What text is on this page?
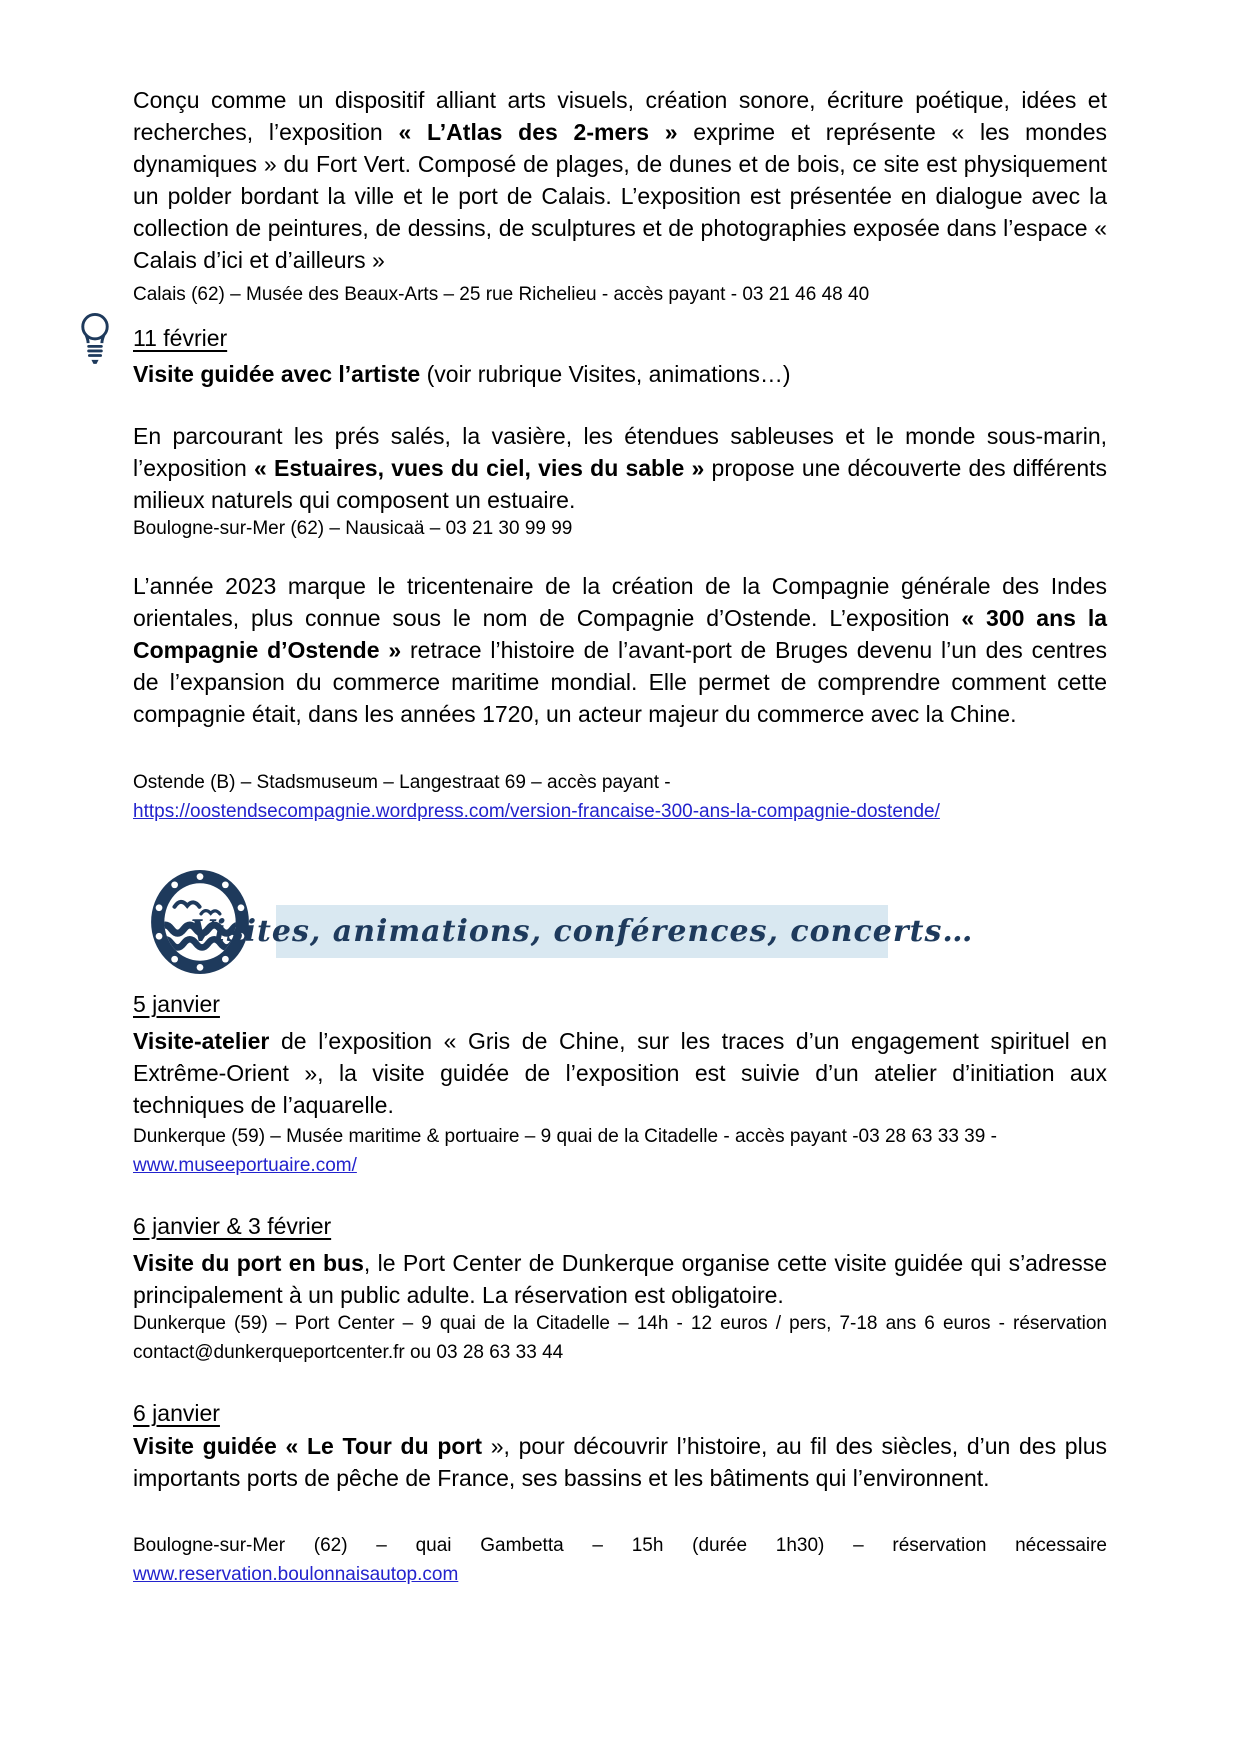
Conçu comme un dispositif alliant arts visuels, création sonore, écriture poétique, idées et recherches, l’exposition « L’Atlas des 2-mers » exprime et représente « les mondes dynamiques » du Fort Vert. Composé de plages, de dunes et de bois, ce site est physiquement un polder bordant la ville et le port de Calais. L’exposition est présentée en dialogue avec la collection de peintures, de dessins, de sculptures et de photographies exposée dans l’espace « Calais d’ici et d’ailleurs »

Calais (62) – Musée des Beaux-Arts – 25 rue Richelieu - accès payant - 03 21 46 48 40

11 février

Visite guidée avec l’artiste (voir rubrique Visites, animations…)

En parcourant les prés salés, la vasière, les étendues sableuses et le monde sous-marin, l’exposition « Estuaires, vues du ciel, vies du sable » propose une découverte des différents milieux naturels qui composent un estuaire.

Boulogne-sur-Mer (62) – Nausicaä – 03 21 30 99 99

L’année 2023 marque le tricentenaire de la création de la Compagnie générale des Indes orientales, plus connue sous le nom de Compagnie d’Ostende. L’exposition « 300 ans la Compagnie d’Ostende » retrace l’histoire de l’avant-port de Bruges devenu l’un des centres de l’expansion du commerce maritime mondial. Elle permet de comprendre comment cette compagnie était, dans les années 1720, un acteur majeur du commerce avec la Chine.

Ostende (B) – Stadsmuseum – Langestraat 69 – accès payant -

https://oostendsecompagnie.wordpress.com/version-francaise-300-ans-la-compagnie-dostende/

Visites, animations, conférences, concerts…

5 janvier

Visite-atelier de l’exposition « Gris de Chine, sur les traces d’un engagement spirituel en Extrême-Orient », la visite guidée de l’exposition est suivie d’un atelier d’initiation aux techniques de l’aquarelle.

Dunkerque (59) – Musée maritime & portuaire – 9 quai de la Citadelle - accès payant -03 28 63 33 39 -

www.museeportuaire.com/

6 janvier & 3 février

Visite du port en bus, le Port Center de Dunkerque organise cette visite guidée qui s’adresse principalement à un public adulte. La réservation est obligatoire.

Dunkerque (59) – Port Center – 9 quai de la Citadelle – 14h - 12 euros / pers, 7-18 ans 6 euros - réservation contact@dunkerqueportcenter.fr ou 03 28 63 33 44

6 janvier

Visite guidée « Le Tour du port », pour découvrir l’histoire, au fil des siècles, d’un des plus importants ports de pêche de France, ses bassins et les bâtiments qui l’environnent.

Boulogne-sur-Mer (62) – quai Gambetta – 15h (durée 1h30) – réservation nécessaire

www.reservation.boulonnaisautop.com
